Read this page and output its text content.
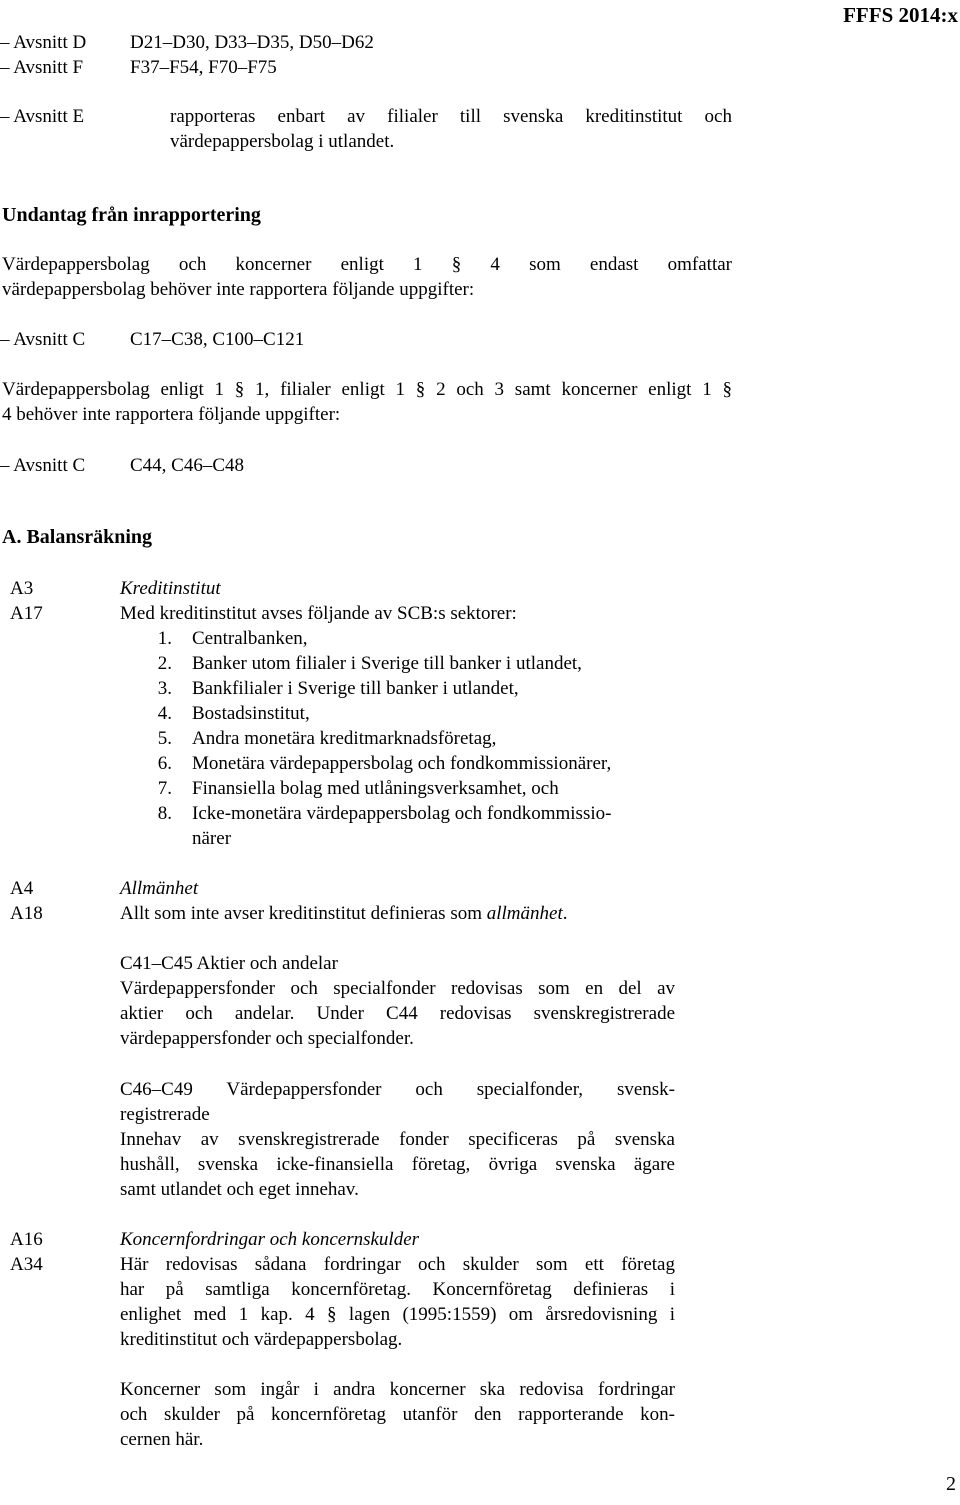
– Avsnitt D D21–D30, D33–D35, D50–D62
FFFS 2014:x
– Avsnitt F F37–F54, F70–F75
– Avsnitt E	rapporteras enbart av filialer till svenska kreditinstitut och
värdepappersbolag i utlandet.
Undantag från inrapportering
Värdepappersbolag och koncerner enligt 1 § 4 som endast omfattar
värdepappersbolag behöver inte rapportera följande uppgifter:
– Avsnitt C C17–C38, C100–C121
Värdepappersbolag enligt 1 § 1, filialer enligt 1 § 2 och 3 samt koncerner enligt 1 §
4 behöver inte rapportera följande uppgifter:
– Avsnitt C C44, C46–C48
A. Balansräkning
A3
A17
Kreditinstitut
Med kreditinstitut avses följande av SCB:s sektorer:
1. Centralbanken,
2. Banker utom filialer i Sverige till banker i utlandet,
3. Bankfilialer i Sverige till banker i utlandet,
4. Bostadsinstitut,
5. Andra monetära kreditmarknadsföretag,
6. Monetära värdepappersbolag och fondkommissionärer,
7. Finansiella bolag med utlåningsverksamhet, och
8. Icke-monetära värdepappersbolag och fondkommissio-
närer
A4
A18
Allmänhet
Allt som inte avser kreditinstitut definieras som allmänhet.
C41–C45 Aktier och andelar
Värdepappersfonder och specialfonder redovisas som en del av
aktier och andelar. Under C44 redovisas svenskregistrerade
värdepappersfonder och specialfonder.
C46–C49 Värdepappersfonder och specialfonder, svensk-
registrerade
Innehav av svenskregistrerade fonder specificeras på svenska
hushåll, svenska icke-finansiella företag, övriga svenska ägare
samt utlandet och eget innehav.
A16
A34
Koncernfordringar och koncernskulder
Här redovisas sådana fordringar och skulder som ett företag
har på samtliga koncernföretag. Koncernföretag definieras i
enlighet med 1 kap. 4 § lagen (1995:1559) om årsredovisning i
kreditinstitut och värdepappersbolag.
Koncerner som ingår i andra koncerner ska redovisa fordringar
och skulder på koncernföretag utanför den rapporterande kon-
cernen här.
2
